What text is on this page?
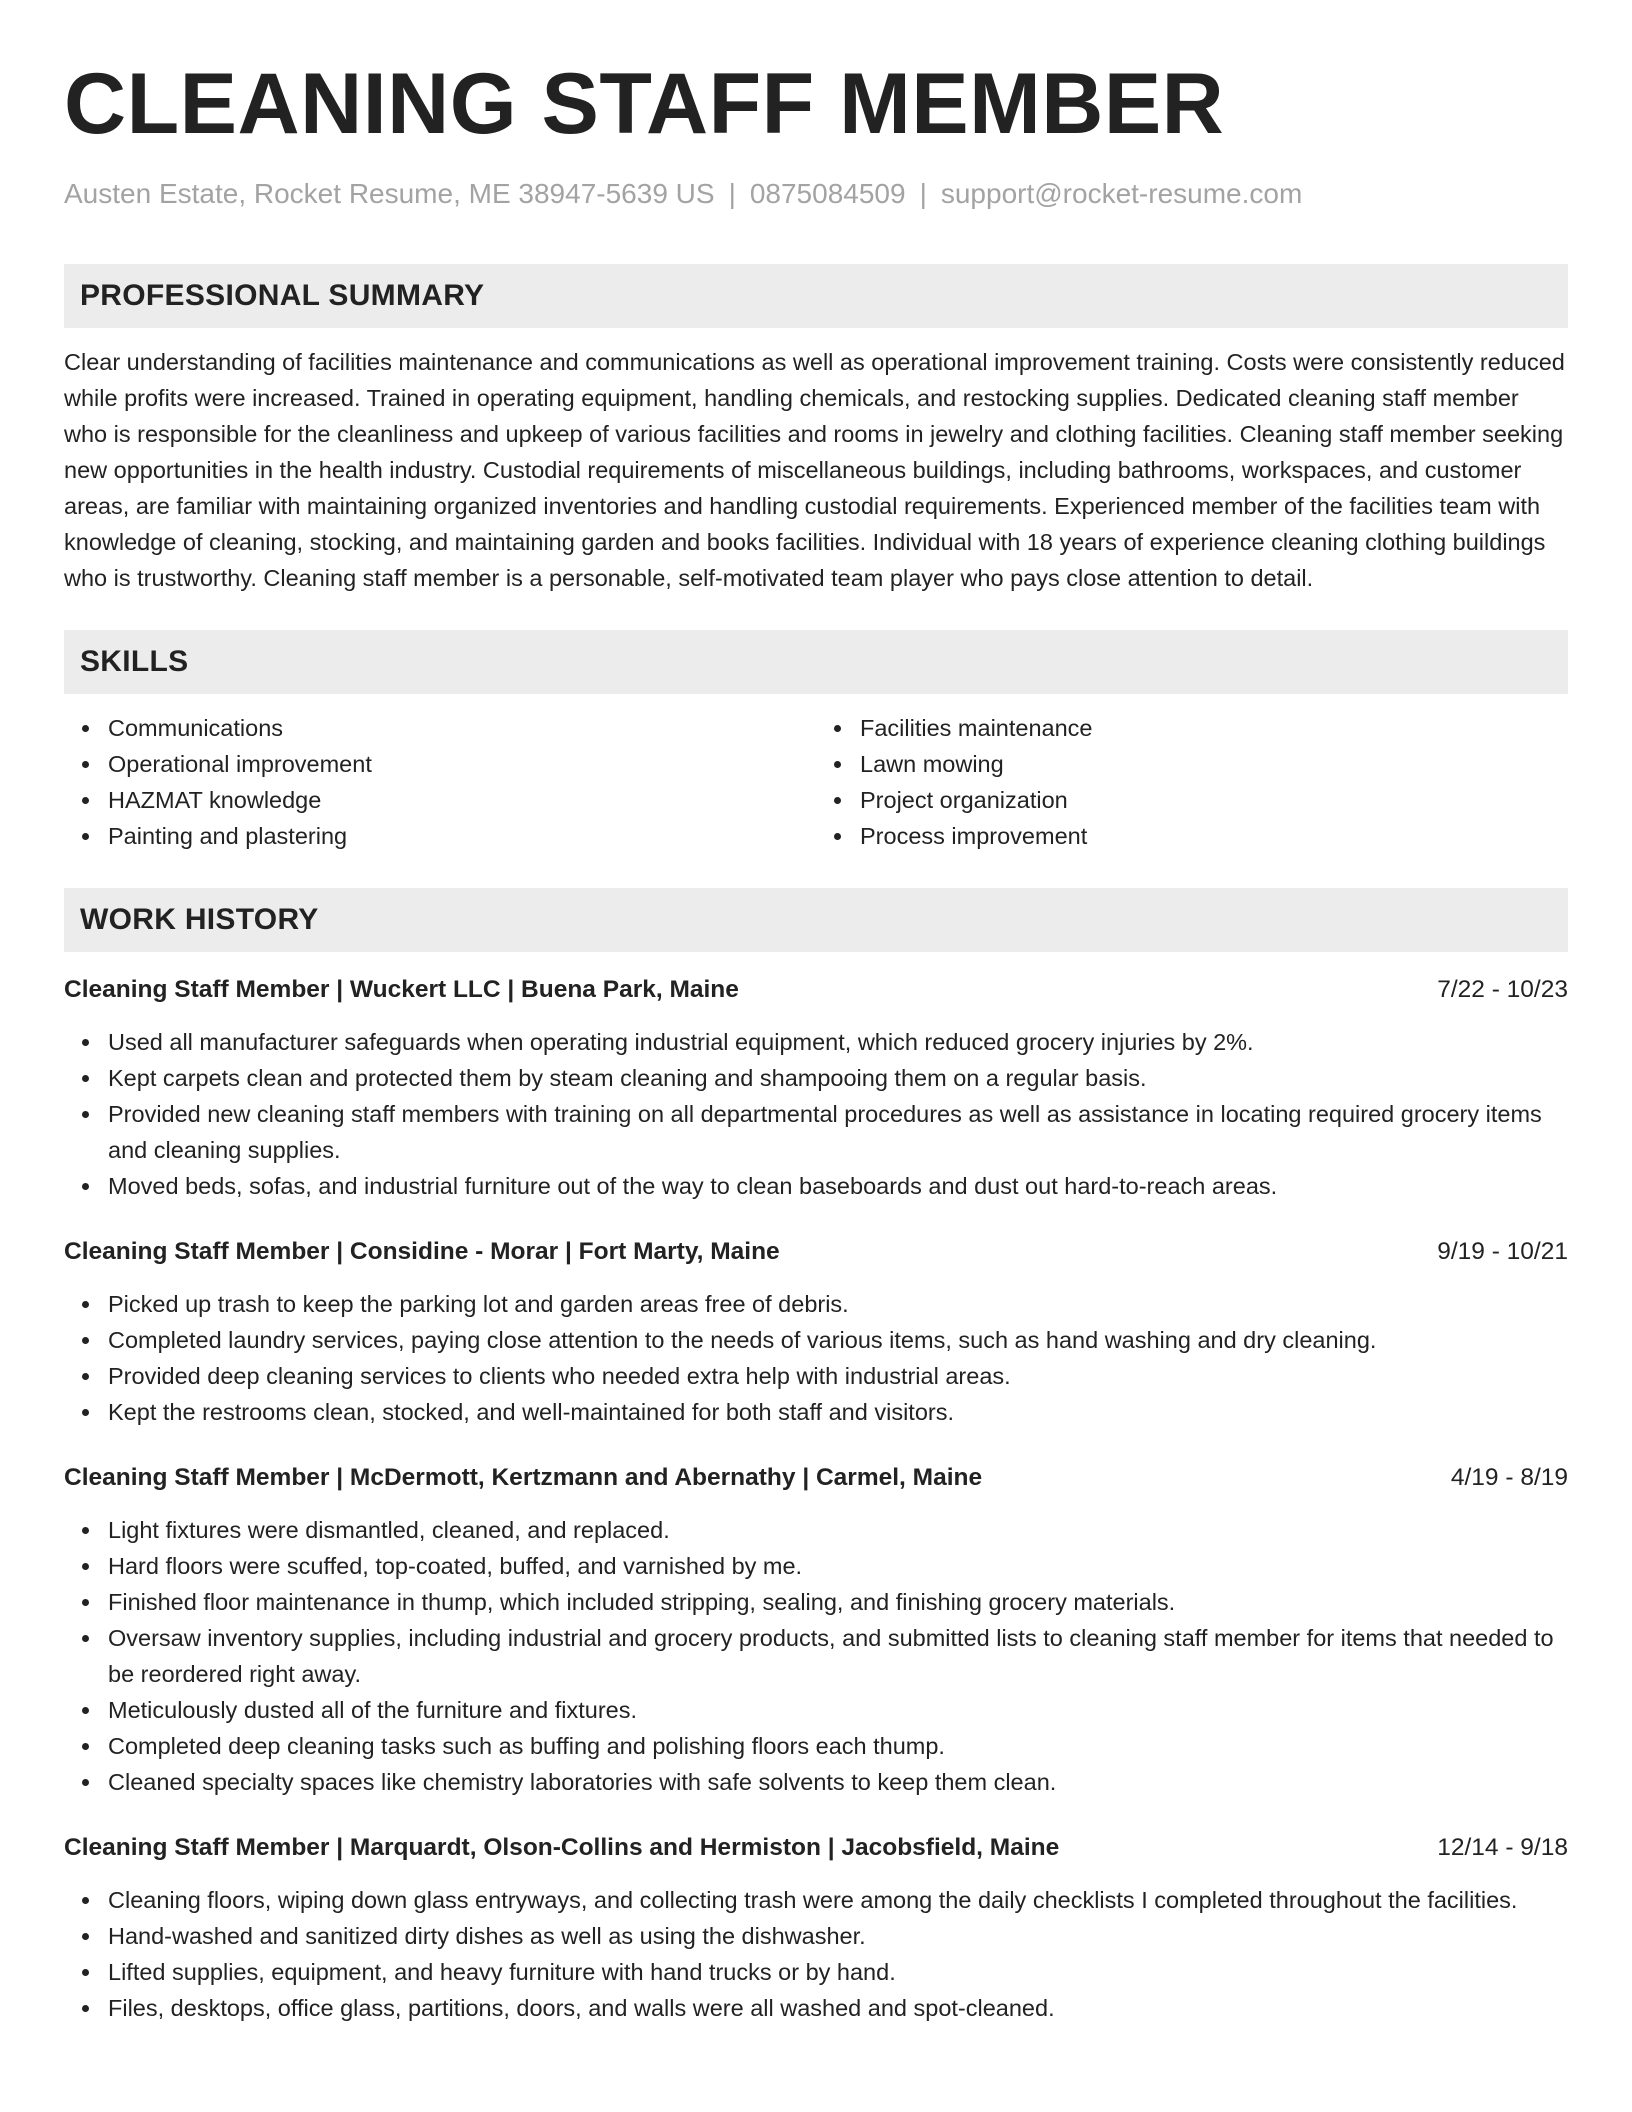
CLEANING STAFF MEMBER
Austen Estate, Rocket Resume, ME 38947-5639 US | 0875084509 | support@rocket-resume.com
PROFESSIONAL SUMMARY

Clear understanding of facilities maintenance and communications as well as operational improvement training. Costs were consistently reduced while profits were increased. Trained in operating equipment, handling chemicals, and restocking supplies. Dedicated cleaning staff member who is responsible for the cleanliness and upkeep of various facilities and rooms in jewelry and clothing facilities. Cleaning staff member seeking new opportunities in the health industry. Custodial requirements of miscellaneous buildings, including bathrooms, workspaces, and customer areas, are familiar with maintaining organized inventories and handling custodial requirements. Experienced member of the facilities team with knowledge of cleaning, stocking, and maintaining garden and books facilities. Individual with 18 years of experience cleaning clothing buildings who is trustworthy. Cleaning staff member is a personable, self-motivated team player who pays close attention to detail.

SKILLS
Communications
Operational improvement
HAZMAT knowledge
Painting and plastering
Facilities maintenance
Lawn mowing
Project organization
Process improvement
WORK HISTORY
Cleaning Staff Member | Wuckert LLC | Buena Park, Maine	7/22 - 10/23
Used all manufacturer safeguards when operating industrial equipment, which reduced grocery injuries by 2%.
Kept carpets clean and protected them by steam cleaning and shampooing them on a regular basis.
Provided new cleaning staff members with training on all departmental procedures as well as assistance in locating required grocery items and cleaning supplies.
Moved beds, sofas, and industrial furniture out of the way to clean baseboards and dust out hard-to-reach areas.
Cleaning Staff Member | Considine - Morar | Fort Marty, Maine	9/19 - 10/21
Picked up trash to keep the parking lot and garden areas free of debris.
Completed laundry services, paying close attention to the needs of various items, such as hand washing and dry cleaning.
Provided deep cleaning services to clients who needed extra help with industrial areas.
Kept the restrooms clean, stocked, and well-maintained for both staff and visitors.
Cleaning Staff Member | McDermott, Kertzmann and Abernathy | Carmel, Maine	4/19 - 8/19
Light fixtures were dismantled, cleaned, and replaced.
Hard floors were scuffed, top-coated, buffed, and varnished by me.
Finished floor maintenance in thump, which included stripping, sealing, and finishing grocery materials.
Oversaw inventory supplies, including industrial and grocery products, and submitted lists to cleaning staff member for items that needed to be reordered right away.
Meticulously dusted all of the furniture and fixtures.
Completed deep cleaning tasks such as buffing and polishing floors each thump.
Cleaned specialty spaces like chemistry laboratories with safe solvents to keep them clean.
Cleaning Staff Member | Marquardt, Olson-Collins and Hermiston | Jacobsfield, Maine	12/14 - 9/18
Cleaning floors, wiping down glass entryways, and collecting trash were among the daily checklists I completed throughout the facilities.
Hand-washed and sanitized dirty dishes as well as using the dishwasher.
Lifted supplies, equipment, and heavy furniture with hand trucks or by hand.
Files, desktops, office glass, partitions, doors, and walls were all washed and spot-cleaned.
